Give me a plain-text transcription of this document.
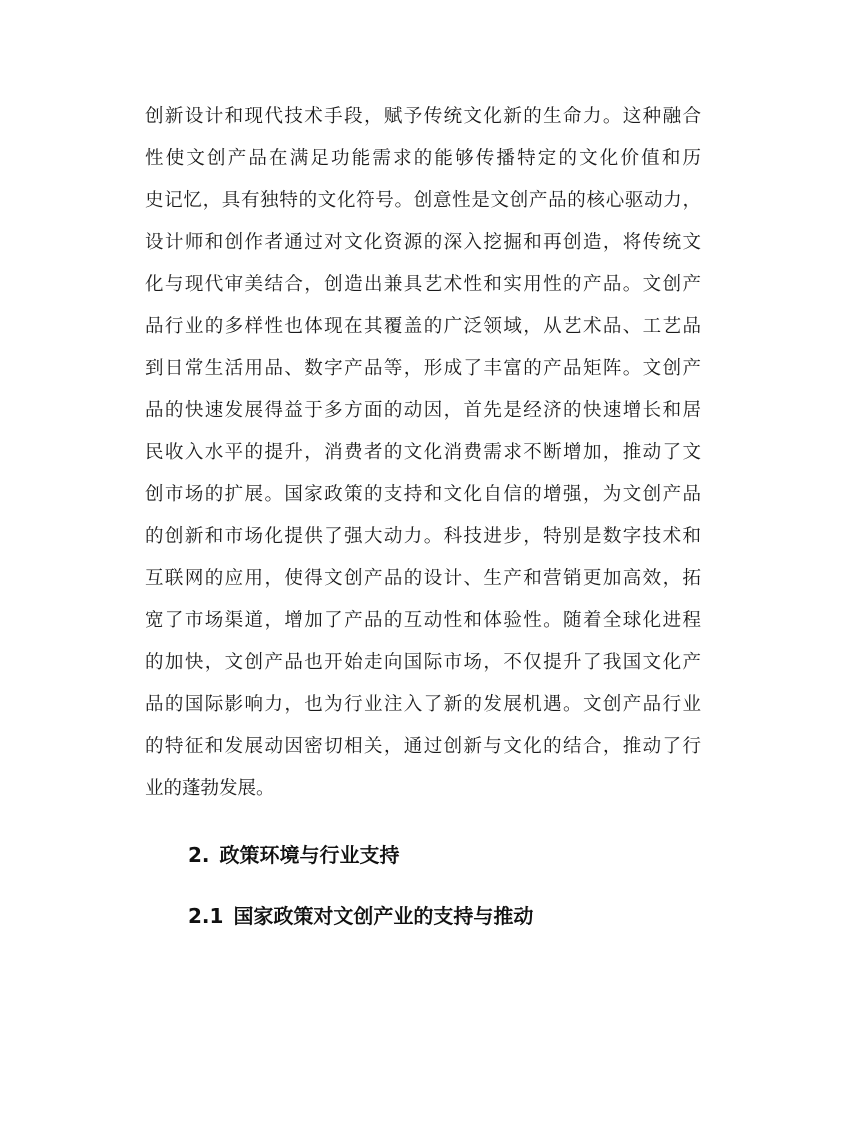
创新设计和现代技术手段，赋予传统文化新的生命力。这种融合
性使文创产品在满足功能需求的能够传播特定的文化价值和历
史记忆，具有独特的文化符号。创意性是文创产品的核心驱动力，
设计师和创作者通过对文化资源的深入挖掘和再创造，将传统文
化与现代审美结合，创造出兼具艺术性和实用性的产品。文创产
品行业的多样性也体现在其覆盖的广泛领域，从艺术品、工艺品
到日常生活用品、数字产品等，形成了丰富的产品矩阵。文创产
品的快速发展得益于多方面的动因，首先是经济的快速增长和居
民收入水平的提升，消费者的文化消费需求不断增加，推动了文
创市场的扩展。国家政策的支持和文化自信的增强，为文创产品
的创新和市场化提供了强大动力。科技进步，特别是数字技术和
互联网的应用，使得文创产品的设计、生产和营销更加高效，拓
宽了市场渠道，增加了产品的互动性和体验性。随着全球化进程
的加快，文创产品也开始走向国际市场，不仅提升了我国文化产
品的国际影响力，也为行业注入了新的发展机遇。文创产品行业
的特征和发展动因密切相关，通过创新与文化的结合，推动了行
业的蓬勃发展。

2. 政策环境与行业支持
2.1 国家政策对文创产业的支持与推动
